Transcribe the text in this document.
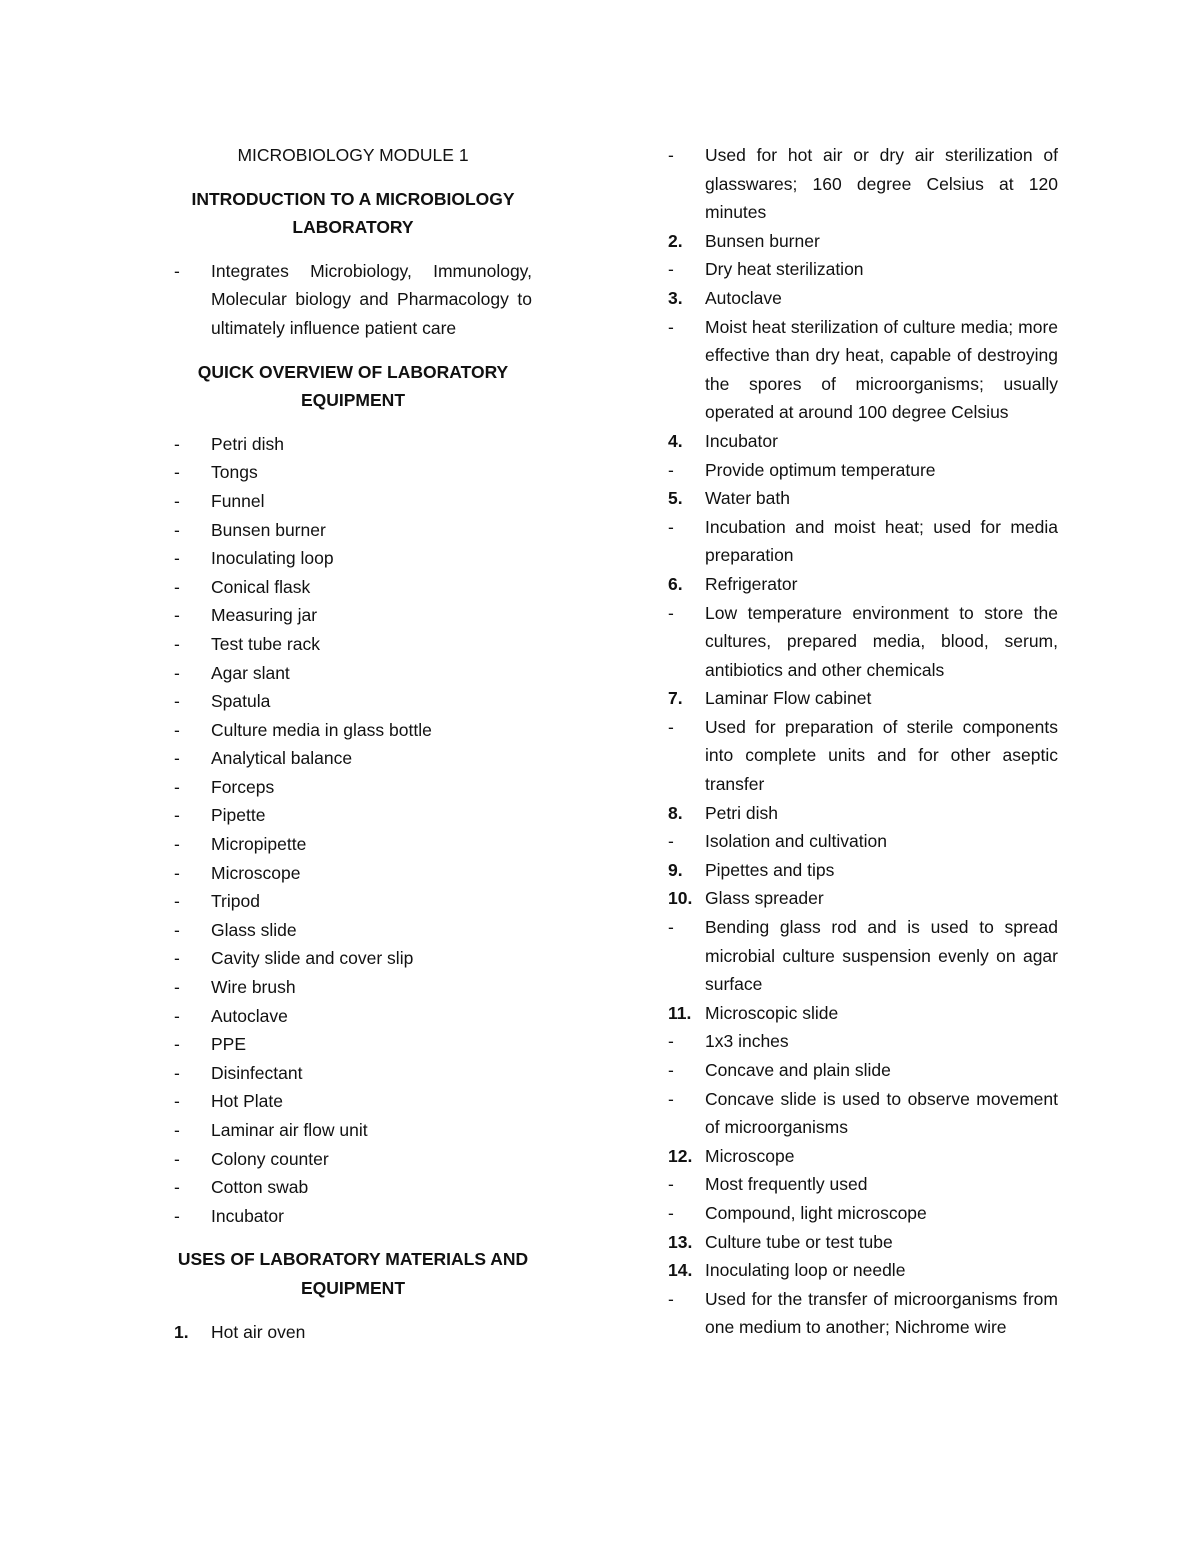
MICROBIOLOGY MODULE 1
INTRODUCTION TO A MICROBIOLOGY
LABORATORY
-	Integrates Microbiology, Immunology, Molecular biology and Pharmacology to ultimately influence patient care
QUICK OVERVIEW OF LABORATORY
EQUIPMENT
-	Petri dish
-	Tongs
-	Funnel
-	Bunsen burner
-	Inoculating loop
-	Conical flask
-	Measuring jar
-	Test tube rack
-	Agar slant
-	Spatula
-	Culture media in glass bottle
-	Analytical balance
-	Forceps
-	Pipette
-	Micropipette
-	Microscope
-	Tripod
-	Glass slide
-	Cavity slide and cover slip
-	Wire brush
-	Autoclave
-	PPE
-	Disinfectant
-	Hot Plate
-	Laminar air flow unit
-	Colony counter
-	Cotton swab
-	Incubator
USES OF LABORATORY MATERIALS AND
EQUIPMENT
1.	Hot air oven
-	Used for hot air or dry air sterilization of glasswares; 160 degree Celsius at 120 minutes
2.	Bunsen burner
-	Dry heat sterilization
3.	Autoclave
-	Moist heat sterilization of culture media; more effective than dry heat, capable of destroying the spores of microorganisms; usually operated at around 100 degree Celsius
4.	Incubator
-	Provide optimum temperature
5.	Water bath
-	Incubation and moist heat; used for media preparation
6.	Refrigerator
-	Low temperature environment to store the cultures, prepared media, blood, serum, antibiotics and other chemicals
7.	Laminar Flow cabinet
-	Used for preparation of sterile components into complete units and for other aseptic transfer
8.	Petri dish
-	Isolation and cultivation
9.	Pipettes and tips
10. Glass spreader
-	Bending glass rod and is used to spread microbial culture suspension evenly on agar surface
11. Microscopic slide
-	1x3 inches
-	Concave and plain slide
-	Concave slide is used to observe movement of microorganisms
12. Microscope
-	Most frequently used
-	Compound, light microscope
13. Culture tube or test tube
14. Inoculating loop or needle
-	Used for the transfer of microorganisms from one medium to another; Nichrome wire
